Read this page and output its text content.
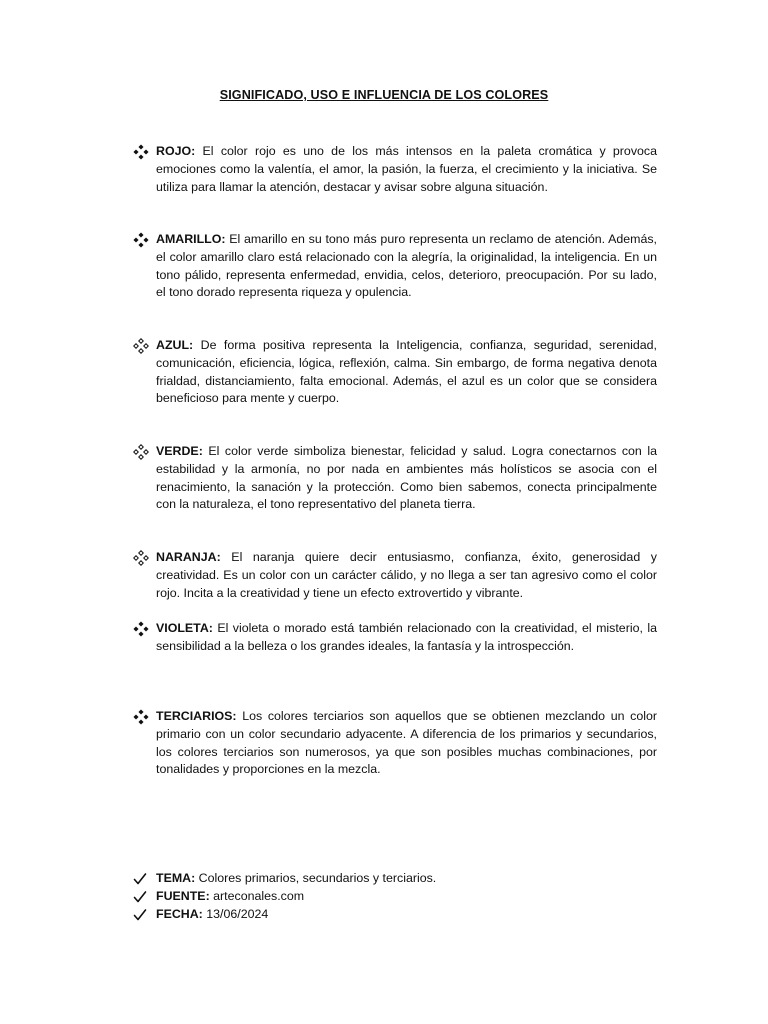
SIGNIFICADO, USO E INFLUENCIA DE LOS COLORES
ROJO: El color rojo es uno de los más intensos en la paleta cromática y provoca emociones como la valentía, el amor, la pasión, la fuerza, el crecimiento y la iniciativa. Se utiliza para llamar la atención, destacar y avisar sobre alguna situación.
AMARILLO: El amarillo en su tono más puro representa un reclamo de atención. Además, el color amarillo claro está relacionado con la alegría, la originalidad, la inteligencia. En un tono pálido, representa enfermedad, envidia, celos, deterioro, preocupación. Por su lado, el tono dorado representa riqueza y opulencia.
AZUL: De forma positiva representa la Inteligencia, confianza, seguridad, serenidad, comunicación, eficiencia, lógica, reflexión, calma. Sin embargo, de forma negativa denota frialdad, distanciamiento, falta emocional. Además, el azul es un color que se considera beneficioso para mente y cuerpo.
VERDE: El color verde simboliza bienestar, felicidad y salud. Logra conectarnos con la estabilidad y la armonía, no por nada en ambientes más holísticos se asocia con el renacimiento, la sanación y la protección. Como bien sabemos, conecta principalmente con la naturaleza, el tono representativo del planeta tierra.
NARANJA: El naranja quiere decir entusiasmo, confianza, éxito, generosidad y creatividad. Es un color con un carácter cálido, y no llega a ser tan agresivo como el color rojo. Incita a la creatividad y tiene un efecto extrovertido y vibrante.
VIOLETA: El violeta o morado está también relacionado con la creatividad, el misterio, la sensibilidad a la belleza o los grandes ideales, la fantasía y la introspección.
TERCIARIOS: Los colores terciarios son aquellos que se obtienen mezclando un color primario con un color secundario adyacente. A diferencia de los primarios y secundarios, los colores terciarios son numerosos, ya que son posibles muchas combinaciones, por tonalidades y proporciones en la mezcla.
TEMA: Colores primarios, secundarios y terciarios.
FUENTE: arteconales.com
FECHA: 13/06/2024
